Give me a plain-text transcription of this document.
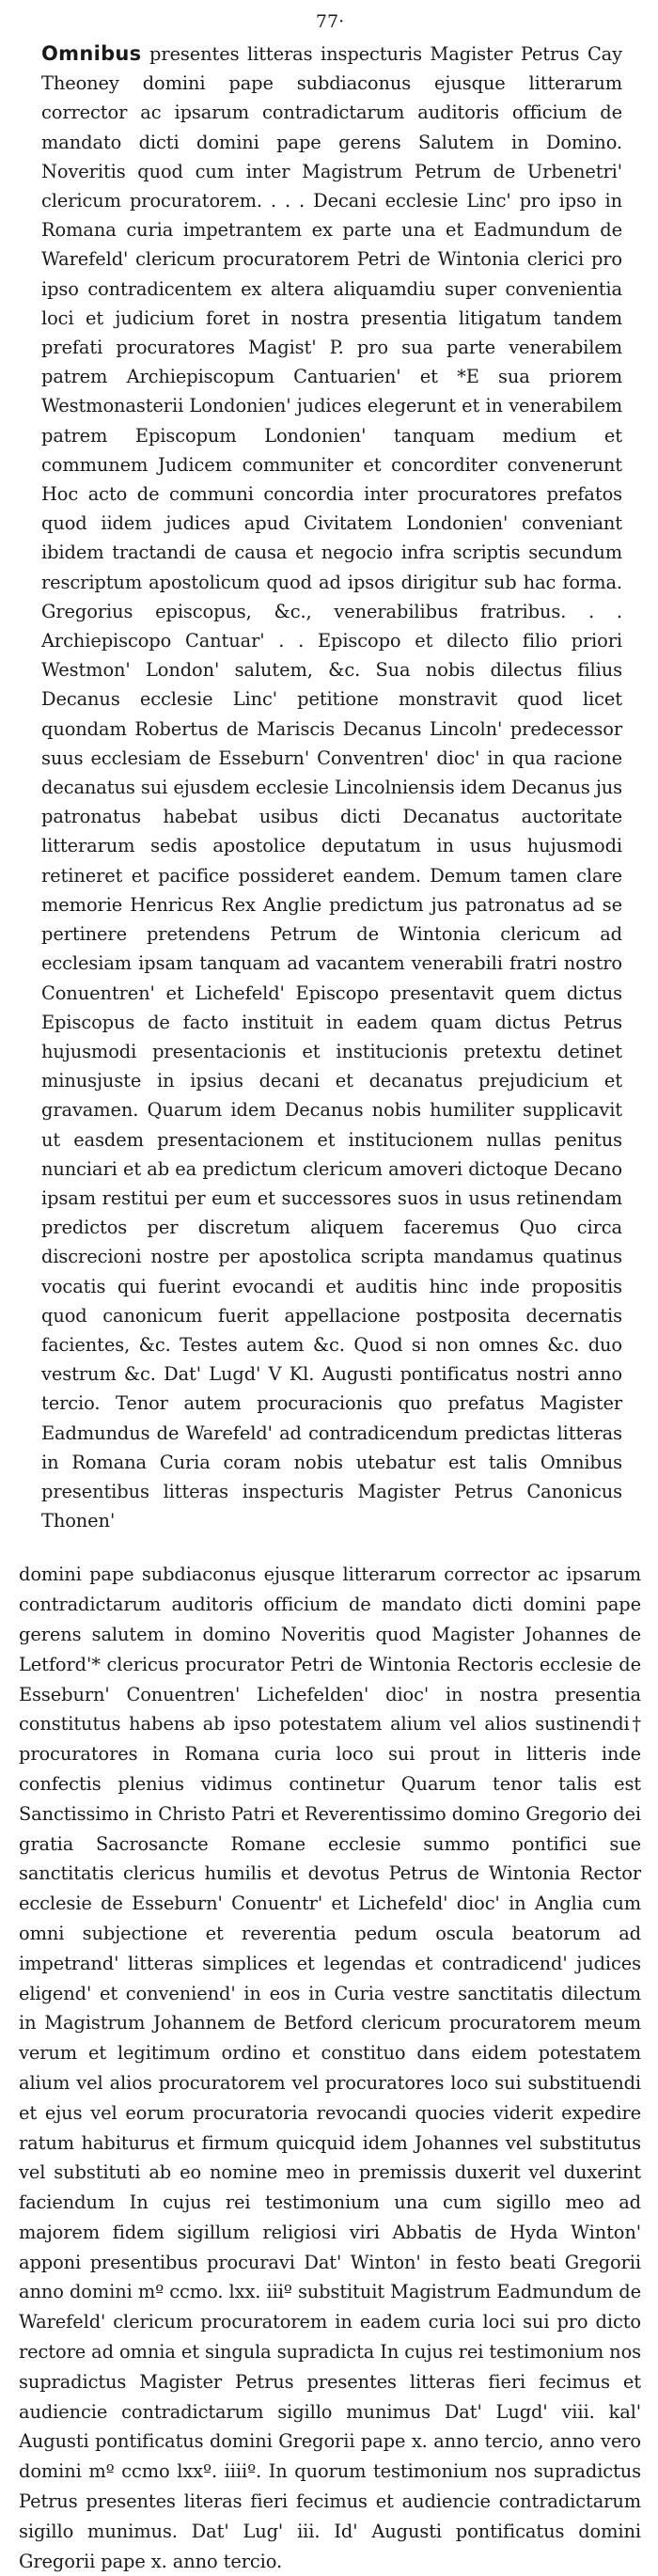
77·

Omnibus presentes litteras inspecturis Magister Petrus Cay Theoney domini pape subdiaconus ejusque litterarum corrector ac ipsarum contradictarum auditoris officium de mandato dicti domini pape gerens Salutem in Domino. Noveritis quod cum inter Magistrum Petrum de Urbenetri' clericum procuratorem. . . . Decani ecclesie Linc' pro ipso in Romana curia impetrantem ex parte una et Eadmundum de Warefeld' clericum procuratorem Petri de Wintonia clerici pro ipso contradicentem ex altera aliquamdiu super convenientia loci et judicium foret in nostra presentia litigatum tandem prefati procuratores Magist' P. pro sua parte venerabilem patrem Archiepiscopum Cantuarien' et *E sua priorem Westmonasterii Londonien' judices elegerunt et in venerabilem patrem Episcopum Londonien' tanquam medium et communem Judicem communiter et concorditer convenerunt Hoc acto de communi concordia inter procuratores prefatos quod iidem judices apud Civitatem Londonien' conveniant ibidem tractandi de causa et negocio infra scriptis secundum rescriptum apostolicum quod ad ipsos dirigitur sub hac forma. Gregorius episcopus, &c., venerabilibus fratribus. . . Archiepiscopo Cantuar' . . Episcopo et dilecto filio priori Westmon' London' salutem, &c. Sua nobis dilectus filius Decanus ecclesie Linc' petitione monstravit quod licet quondam Robertus de Mariscis Decanus Lincoln' predecessor suus ecclesiam de Esseburn' Conventren' dioc' in qua racione decanatus sui ejusdem ecclesie Lincolniensis idem Decanus jus patronatus habebat usibus dicti Decanatus auctoritate litterarum sedis apostolice deputatum in usus hujusmodi retineret et pacifice possideret eandem. Demum tamen clare memorie Henricus Rex Anglie predictum jus patronatus ad se pertinere pretendens Petrum de Wintonia clericum ad ecclesiam ipsam tanquam ad vacantem venerabili fratri nostro Conuentren' et Lichefeld' Episcopo presentavit quem dictus Episcopus de facto instituit in eadem quam dictus Petrus hujusmodi presentacionis et institucionis pretextu detinet minusjuste in ipsius decani et decanatus prejudicium et gravamen. Quarum idem Decanus nobis humiliter supplicavit ut easdem presentacionem et institucionem nullas penitus nunciari et ab ea predictum clericum amoveri dictoque Decano ipsam restitui per eum et successores suos in usus retinendam predictos per discretum aliquem faceremus Quo circa discrecioni nostre per apostolica scripta mandamus quatinus vocatis qui fuerint evocandi et auditis hinc inde propositis quod canonicum fuerit appellacione postposita decernatis facientes, &c. Testes autem &c. Quod si non omnes &c. duo vestrum &c. Dat' Lugd' V Kl. Augusti pontificatus nostri anno tercio. Tenor autem procuracionis quo prefatus Magister Eadmundus de Warefeld' ad contradicendum predictas litteras in Romana Curia coram nobis utebatur est talis Omnibus presentibus litteras inspecturis Magister Petrus Canonicus Thonen'

domini pape subdiaconus ejusque litterarum corrector ac ipsarum contradictarum auditoris officium de mandato dicti domini pape gerens salutem in domino Noveritis quod Magister Johannes de Letford'* clericus procurator Petri de Wintonia Rectoris ecclesie de Esseburn' Conuentren' Lichefelden' dioc' in nostra presentia constitutus habens ab ipso potestatem alium vel alios sustinendi† procuratores in Romana curia loco sui prout in litteris inde confectis plenius vidimus continetur Quarum tenor talis est Sanctissimo in Christo Patri et Reverentissimo domino Gregorio dei gratia Sacrosancte Romane ecclesie summo pontifici sue sanctitatis clericus humilis et devotus Petrus de Wintonia Rector ecclesie de Esseburn' Conuentr' et Lichefeld' dioc' in Anglia cum omni subjectione et reverentia pedum oscula beatorum ad impetrand' litteras simplices et legendas et contradicend' judices eligend' et conveniend' in eos in Curia vestre sanctitatis dilectum in Magistrum Johannem de Betford clericum procuratorem meum verum et legitimum ordino et constituo dans eidem potestatem alium vel alios procuratorem vel procuratores loco sui substituendi et ejus vel eorum procuratoria revocandi quocies viderit expedire ratum habiturus et firmum quicquid idem Johannes vel substitutus vel substituti ab eo nomine meo in premissis duxerit vel duxerint faciendum In cujus rei testimonium una cum sigillo meo ad majorem fidem sigillum religiosi viri Abbatis de Hyda Winton' apponi presentibus procuravi Dat' Winton' in festo beati Gregorii anno domini mº ccmo. lxx. iiiº substituit Magistrum Eadmundum de Warefeld' clericum procuratorem in eadem curia loci sui pro dicto rectore ad omnia et singula supradicta In cujus rei testimonium nos supradictus Magister Petrus presentes litteras fieri fecimus et audiencie contradictarum sigillo munimus Dat' Lugd' viii. kal' Augusti pontificatus domini Gregorii pape x. anno tercio, anno vero domini mº ccmo lxxº. iiiiº. In quorum testimonium nos supradictus Petrus presentes literas fieri fecimus et audiencie contradictarum sigillo munimus. Dat' Lug' iii. Id' Augusti pontificatus domini Gregorii pape x. anno tercio.
